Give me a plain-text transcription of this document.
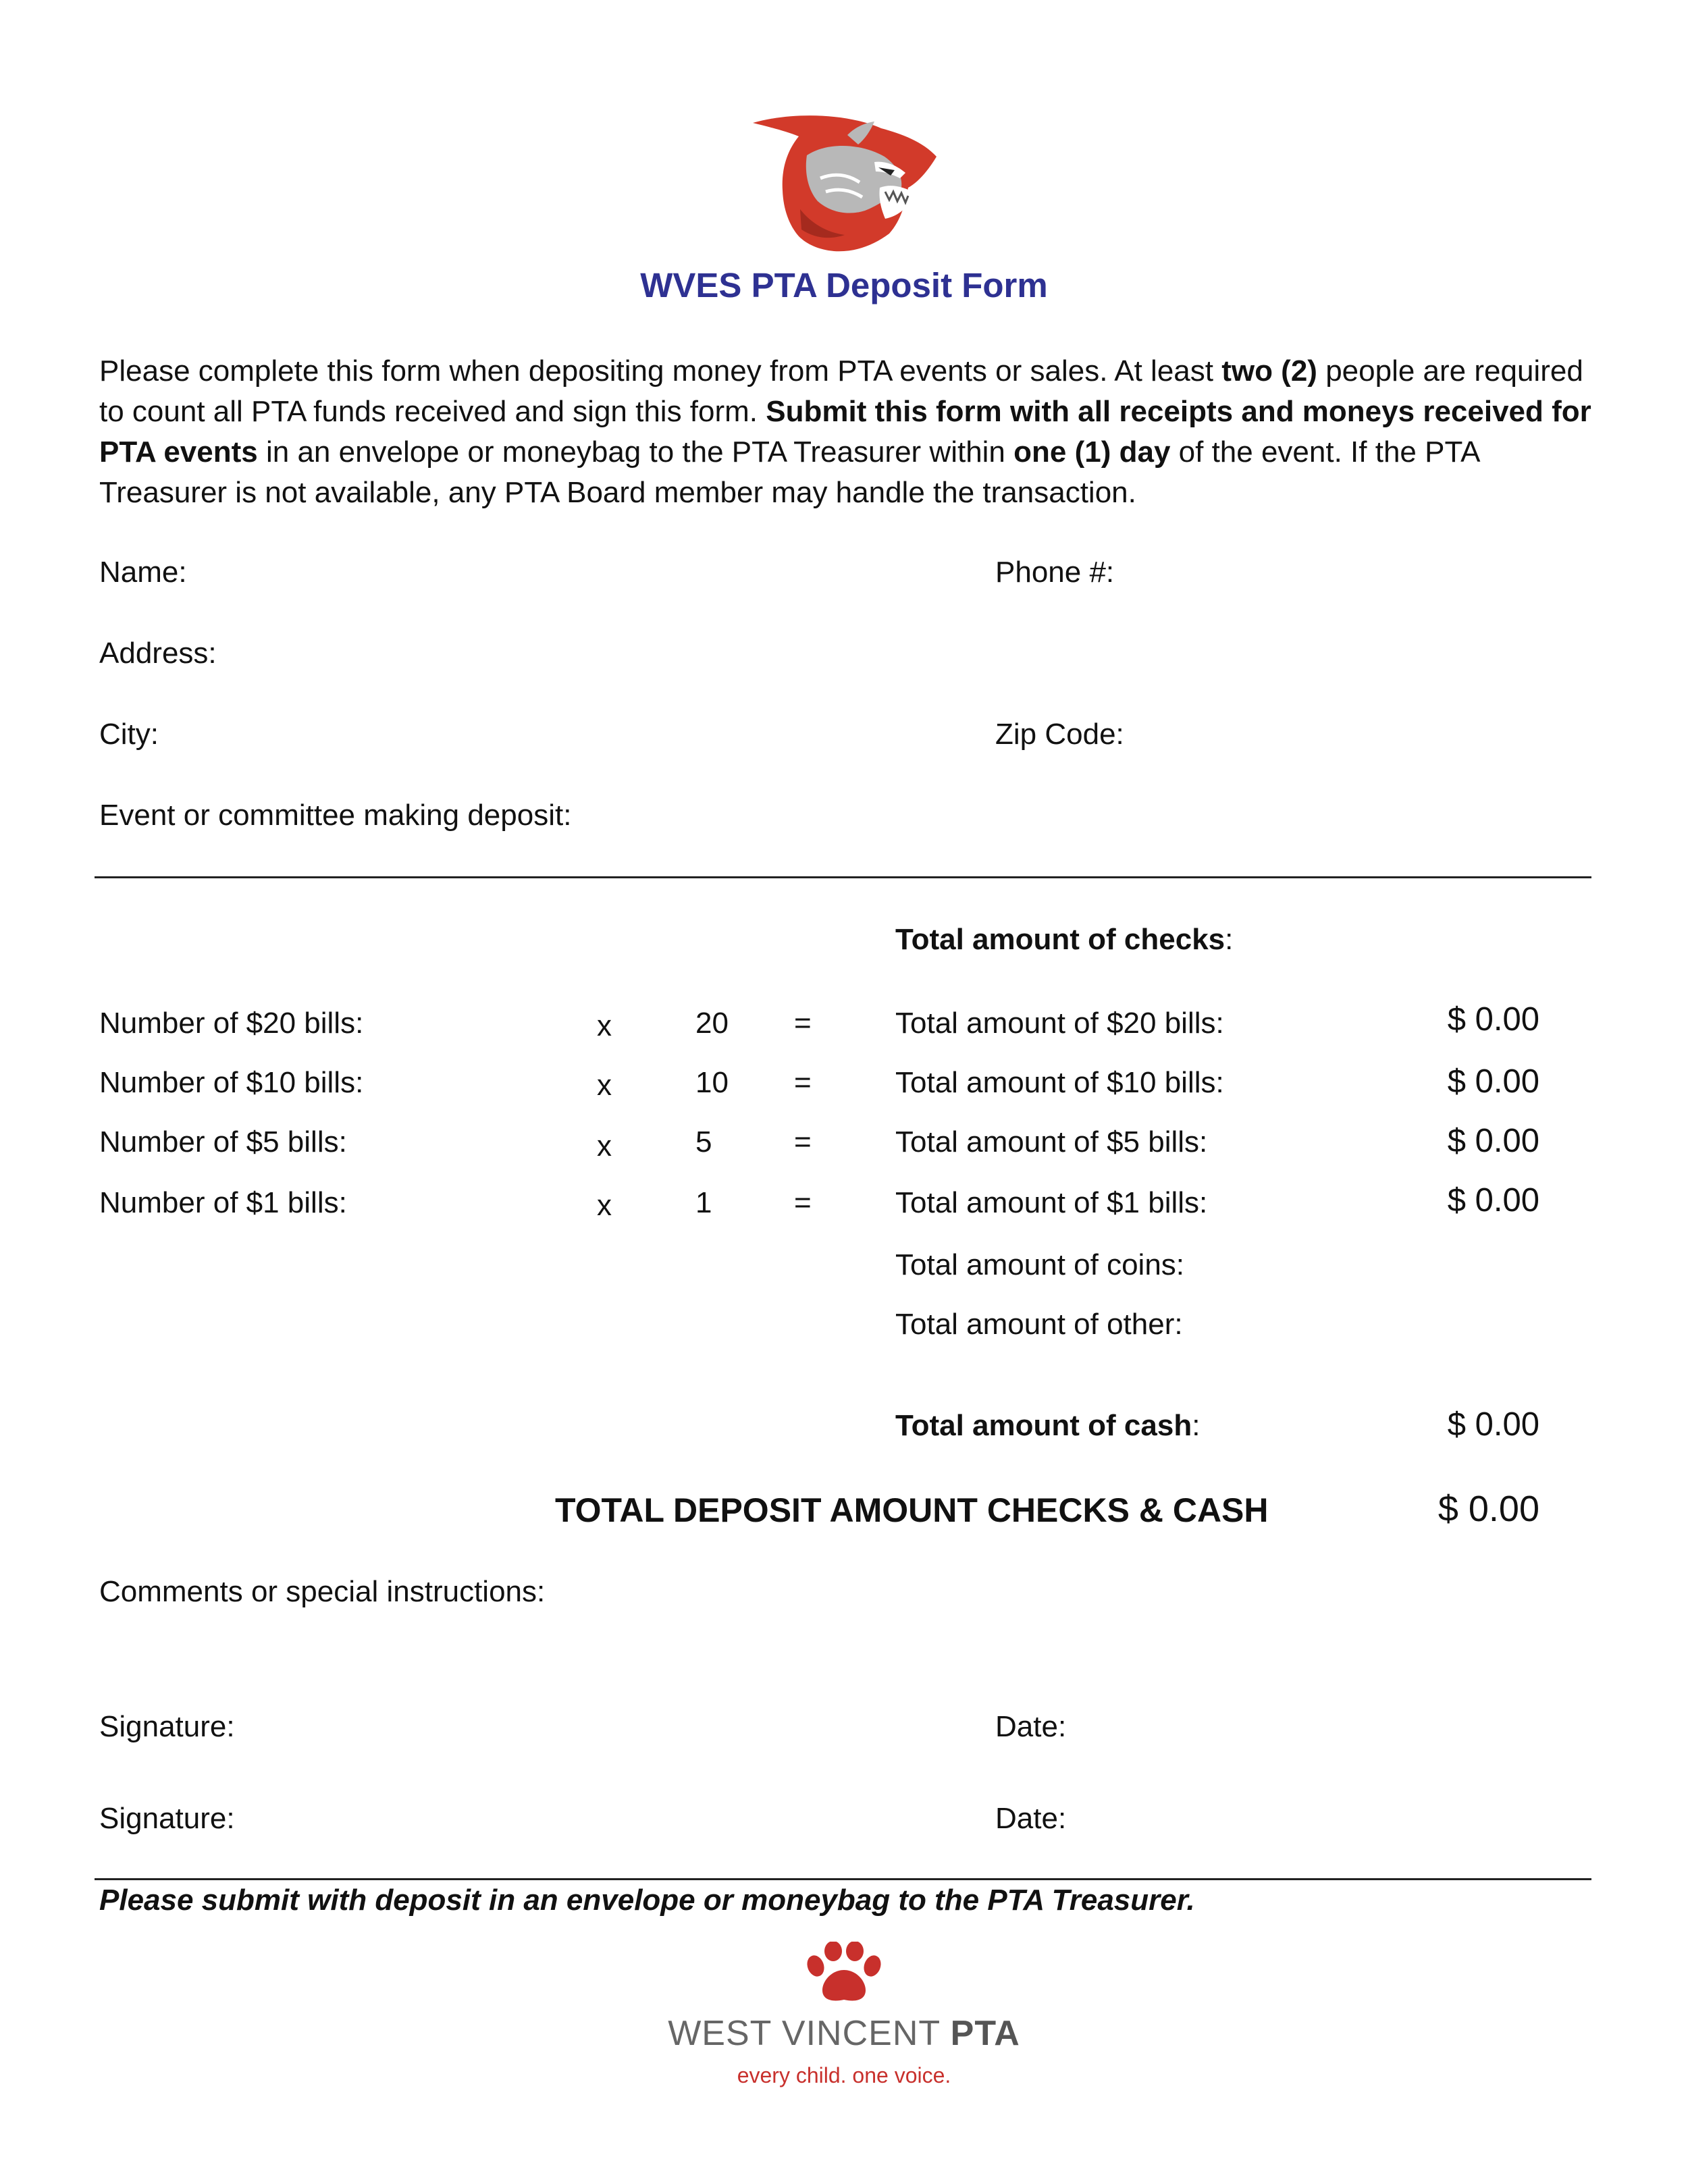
WVES PTA Deposit Form
Please complete this form when depositing money from PTA events or sales. At least two (2) people are required to count all PTA funds received and sign this form. Submit this form with all receipts and moneys received for PTA events in an envelope or moneybag to the PTA Treasurer within one (1) day of the event. If the PTA Treasurer is not available, any PTA Board member may handle the transaction.
Name:	Phone #:
Address:
City:	Zip Code:
Event or committee making deposit:
Total amount of checks:
Number of $20 bills:	x	20 =	Total amount of $20 bills:	$ 0.00
Number of $10 bills:	x	10 =	Total amount of $10 bills:	$ 0.00
Number of $5 bills:	x	5	=	Total amount of $5 bills:	$ 0.00
Number of $1 bills:	x	1	=	Total amount of $1 bills:	$ 0.00
Total amount of coins:
Total amount of other:
Total amount of cash:	$ 0.00
TOTAL DEPOSIT AMOUNT CHECKS & CASH	$ 0.00
Comments or special instructions:
Signature:	Date:
Signature:	Date:
Please submit with deposit in an envelope or moneybag to the PTA Treasurer.
WEST VINCENT PTA
every child. one voice.
